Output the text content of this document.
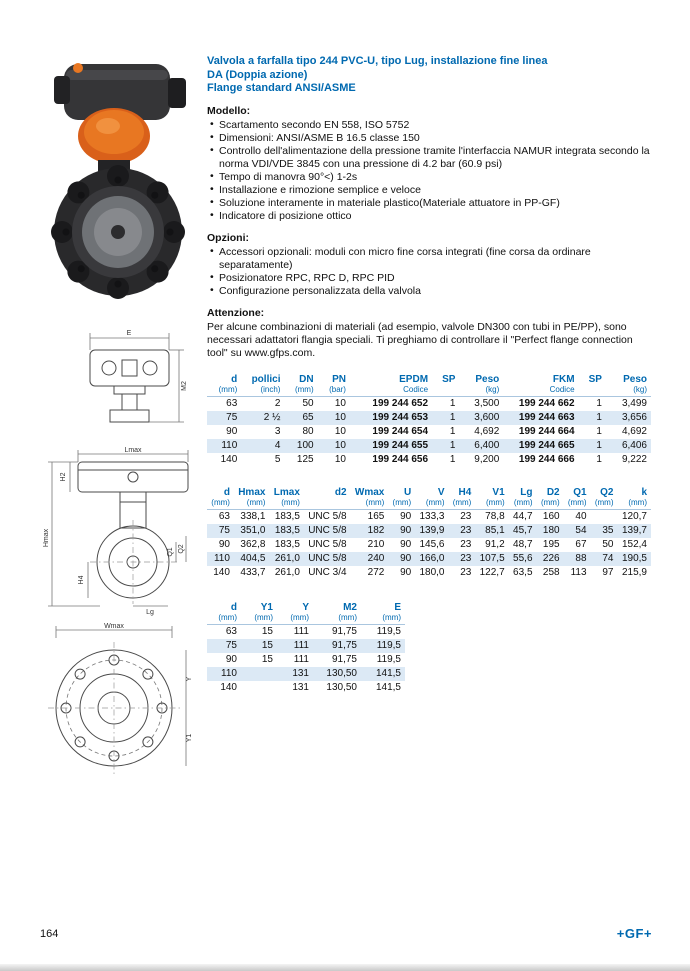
E
M2
Lmax
H2
Hmax
H4
Q1 Q2
Lg
Wmax
Y
Y1
Valvola a farfalla tipo 244 PVC-U, tipo Lug, installazione fine linea
DA (Doppia azione)
Flange standard ANSI/ASME
Modello:
• Scartamento secondo EN 558, ISO 5752
• Dimensioni: ANSI/ASME B 16.5 classe 150
• Controllo dell'alimentazione della pressione tramite l'interfaccia NAMUR integrata secondo la norma VDI/VDE 3845 con una pressione di 4.2 bar (60.9 psi)
• Tempo di manovra 90°<) 1-2s
• Installazione e rimozione semplice e veloce
• Soluzione interamente in materiale plastico(Materiale attuatore in PP-GF)
• Indicatore di posizione ottico
Opzioni:
• Accessori opzionali: moduli con micro fine corsa integrati (fine corsa da ordinare separatamente)
• Posizionatore RPC, RPC D, RPC PID
• Configurazione personalizzata della valvola
Attenzione:
Per alcune combinazioni di materiali (ad esempio, valvole DN300 con tubi in PE/PP), sono necessari adattatori flangia speciali. Ti preghiamo di controllare il "Perfect flange connection tool" su www.gfps.com.
d	pollici	DN	PN	EPDM	SP	Peso	FKM	SP	Peso
(mm)	(inch)	(mm)	(bar)	Codice		(kg)	Codice		(kg)
63	2	50	10	199 244 652	1	3,500	199 244 662	1	3,499
75	2 ½	65	10	199 244 653	1	3,600	199 244 663	1	3,656
90	3	80	10	199 244 654	1	4,692	199 244 664	1	4,692
110	4	100	10	199 244 655	1	6,400	199 244 665	1	6,406
140	5	125	10	199 244 656	1	9,200	199 244 666	1	9,222
d	Hmax	Lmax	d2	Wmax	U	V	H4	V1	Lg	D2	Q1	Q2	k
(mm)	(mm)	(mm)		(mm)	(mm)	(mm)	(mm)	(mm)	(mm)	(mm)	(mm)	(mm)	(mm)
63	338,1	183,5	UNC 5/8	165	90	133,3	23	78,8	44,7	160	40		120,7
75	351,0	183,5	UNC 5/8	182	90	139,9	23	85,1	45,7	180	54	35	139,7
90	362,8	183,5	UNC 5/8	210	90	145,6	23	91,2	48,7	195	67	50	152,4
110	404,5	261,0	UNC 5/8	240	90	166,0	23	107,5	55,6	226	88	74	190,5
140	433,7	261,0	UNC 3/4	272	90	180,0	23	122,7	63,5	258	113	97	215,9
d	Y1	Y	M2	E
(mm)	(mm)	(mm)	(mm)	(mm)
63	15	111	91,75	119,5
75	15	111	91,75	119,5
90	15	111	91,75	119,5
110		131	130,50	141,5
140		131	130,50	141,5
164	+GF+
